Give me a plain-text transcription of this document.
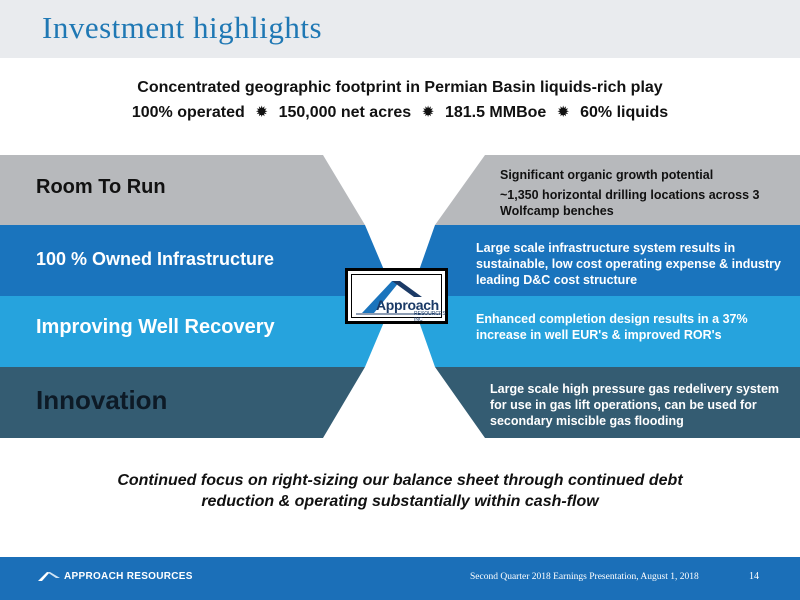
Investment highlights
Concentrated geographic footprint in Permian Basin liquids-rich play
100% operated ✹ 150,000 net acres ✹ 181.5 MMBoe ✹ 60% liquids
Room To Run
100 % Owned Infrastructure
Improving Well Recovery
Innovation
Significant organic growth potential
~1,350 horizontal drilling locations across 3 Wolfcamp benches
Large scale infrastructure system results in sustainable, low cost operating expense & industry leading D&C cost structure
Enhanced completion design results in a 37% increase in well EUR's & improved ROR's
Large scale high pressure gas redelivery system for use in gas lift operations, can be used for secondary miscible gas flooding
Approach
RESOURCES INC
Continued focus on right-sizing our balance sheet through continued debt
reduction & operating substantially within cash-flow
APPROACH RESOURCES	Second Quarter 2018 Earnings Presentation, August 1, 2018	14
